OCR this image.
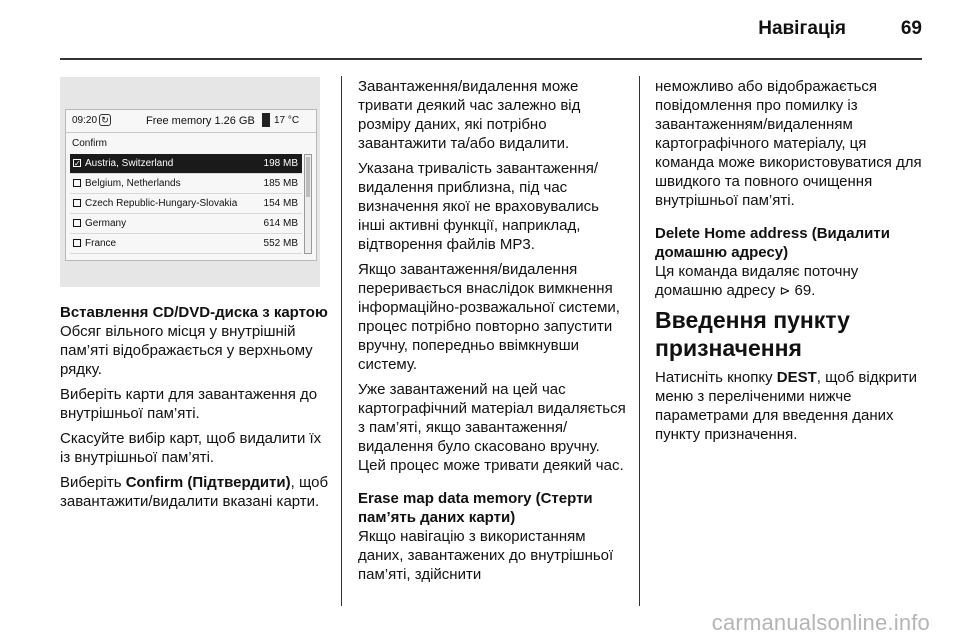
Навігація	69
09:20 ↻	Free memory 1.26 GB 17 °C
Confirm
✓ Austria, Switzerland	198 MB
Belgium, Netherlands	185 MB
Czech Republic-Hungary-Slovakia	154 MB
Germany	614 MB
France	552 MB

Вставлення CD/DVD-диска з картою

Обсяг вільного місця у внутрішній пам’яті відображається у верхньому рядку.

Виберіть карти для завантаження до внутрішньої пам’яті.

Скасуйте вибір карт, щоб видалити їх із внутрішньої пам’яті.

Виберіть Confirm (Підтвердити), щоб завантажити/видалити вказані карти.

Завантаження/видалення може тривати деякий час залежно від розміру даних, які потрібно завантажити та/або видалити.

Указана тривалість завантаження/видалення приблизна, під час визначення якої не враховувались інші активні функції, наприклад, відтворення файлів MP3.

Якщо завантаження/видалення переривається внаслідок вимкнення інформаційно-розважальної системи, процес потрібно повторно запустити вручну, попередньо ввімкнувши систему.

Уже завантажений на цей час картографічний матеріал видаляється з пам’яті, якщо завантаження/видалення було скасовано вручну. Цей процес може тривати деякий час.

Erase map data memory (Стерти пам’ять даних карти)

Якщо навігацію з використанням даних, завантажених до внутрішньої пам’яті, здійснити

неможливо або відображається повідомлення про помилку із завантаженням/видаленням картографічного матеріалу, ця команда може використовуватися для швидкого та повного очищення внутрішньої пам’яті.

Delete Home address (Видалити домашню адресу)

Ця команда видаляє поточну домашню адресу ⊳ 69.

Введення пункту призначення

Натисніть кнопку DEST, щоб відкрити меню з переліченими нижче параметрами для введення даних пункту призначення.

carmanualsonline.info
